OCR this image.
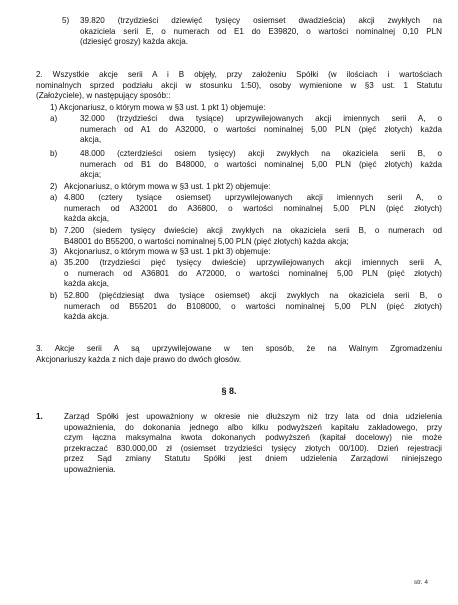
5) 39.820 (trzydzieści dziewięć tysięcy osiemset dwadzieścia) akcji zwykłych na
okaziciela serii E, o numerach od E1 do E39820, o wartości nominalnej 0,10 PLN
(dziesięć groszy) każda akcja.
2. Wszystkie akcje serii A i B objęły, przy założeniu Spółki (w ilościach i wartościach
nominalnych sprzed podziału akcji w stosunku 1:50), osoby wymienione w §3 ust. 1 Statutu
(Założyciele), w następujący sposób::
1) Akcjonariusz, o którym mowa w §3 ust. 1 pkt 1) objemuje:
a)	32.000 (trzydzieści dwa tysiące) uprzywilejowanych akcji imiennych serii A, o
numerach od A1 do A32000, o wartości nominalnej 5,00 PLN (pięć złotych) każda
akcja,
b)	48.000 (czterdzieści osiem tysięcy) akcji zwykłych na okaziciela serii B, o
numerach od B1 do B48000, o wartości nominalnej 5,00 PLN (pięć złotych) każda
akcja;
2) Akcjonariusz, o którym mowa w §3 ust. 1 pkt 2) objemuje:
a) 4.800 (cztery tysiące osiemset) uprzywilejowanych akcji imiennych serii A, o
numerach od A32001 do A36800, o wartości nominalnej 5,00 PLN (pięć złotych)
każda akcja,
b) 7.200 (siedem tysięcy dwieście) akcji zwykłych na okaziciela serii B, o numerach od
B48001 do B55200, o wartości nominalnej 5,00 PLN (pięć złotych) każda akcja;
3) Akcjonariusz, o którym mowa w §3 ust. 1 pkt 3) objemuje:
a) 35.200 (trzydzieści pięć tysięcy dwieście) uprzywilejowanych akcji imiennych serii A,
o numerach od A36801 do A72000, o wartości nominalnej 5,00 PLN (pięć złotych)
każda akcja,
b) 52.800 (pięćdziesiąt dwa tysiące osiemset) akcji zwykłych na okaziciela serii B, o
numerach od B55201 do B108000, o wartości nominalnej 5,00 PLN (pięć złotych)
każda akcja.
3. Akcje serii A są uprzywilejowane w ten sposób, że na Walnym Zgromadzeniu
Akcjonariuszy każda z nich daje prawo do dwóch głosów.
§ 8.
1.	Zarząd Spółki jest upoważniony w okresie nie dłuższym niż trzy lata od dnia udzielenia
upoważnienia, do dokonania jednego albo kilku podwyższeń kapitału zakładowego, przy
czym łączna maksymalna kwota dokonanych podwyższeń (kapitał docelowy) nie może
przekraczać 830.000,00 zł (osiemset trzydzieści tysięcy złotych 00/100). Dzień rejestracji
przez Sąd zmiany Statutu Spółki jest dniem udzielenia Zarządowi niniejszego
upoważnienia.
str. 4
